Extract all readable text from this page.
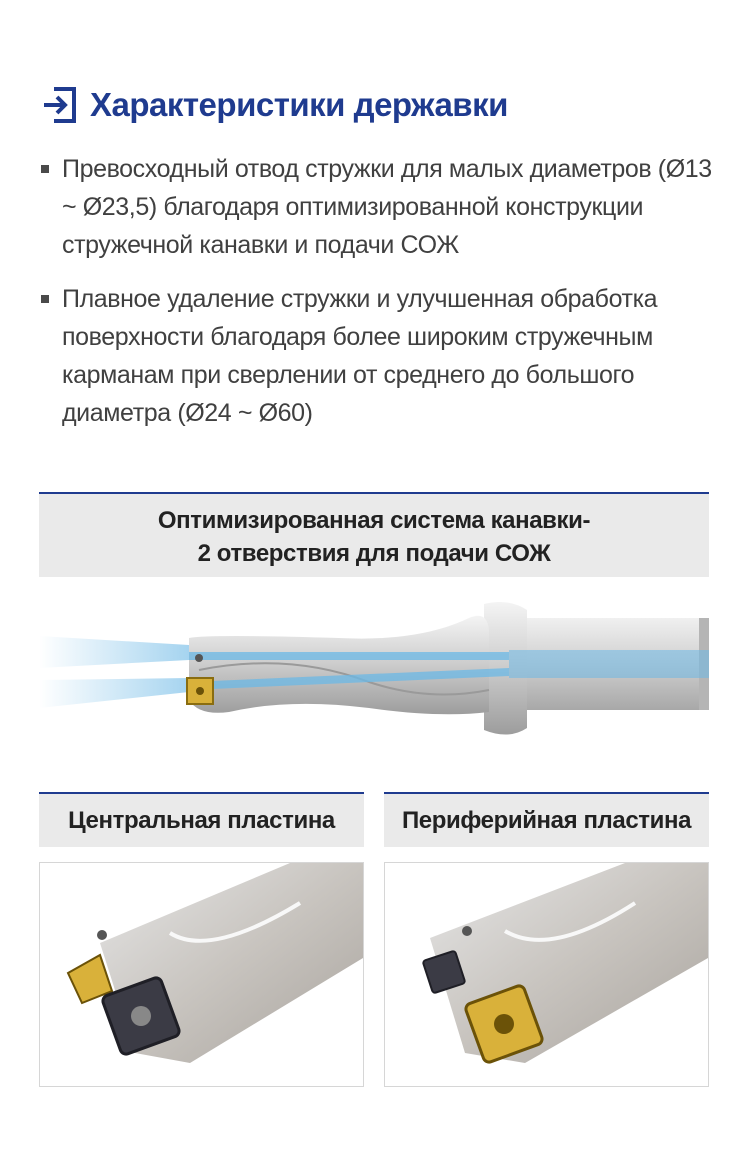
Характеристики державки
Превосходный отвод стружки для малых диаметров (Ø13 ~ Ø23,5) благодаря оптимизированной конструкции стружечной канавки и подачи СОЖ
Плавное удаление стружки и улучшенная обработка поверхности благодаря более широким стружечным карманам при сверлении от среднего до большого диаметра (Ø24 ~ Ø60)
Оптимизированная система канавки-
2 отверствия для подачи СОЖ
Центральная пластина	Периферийная пластина
